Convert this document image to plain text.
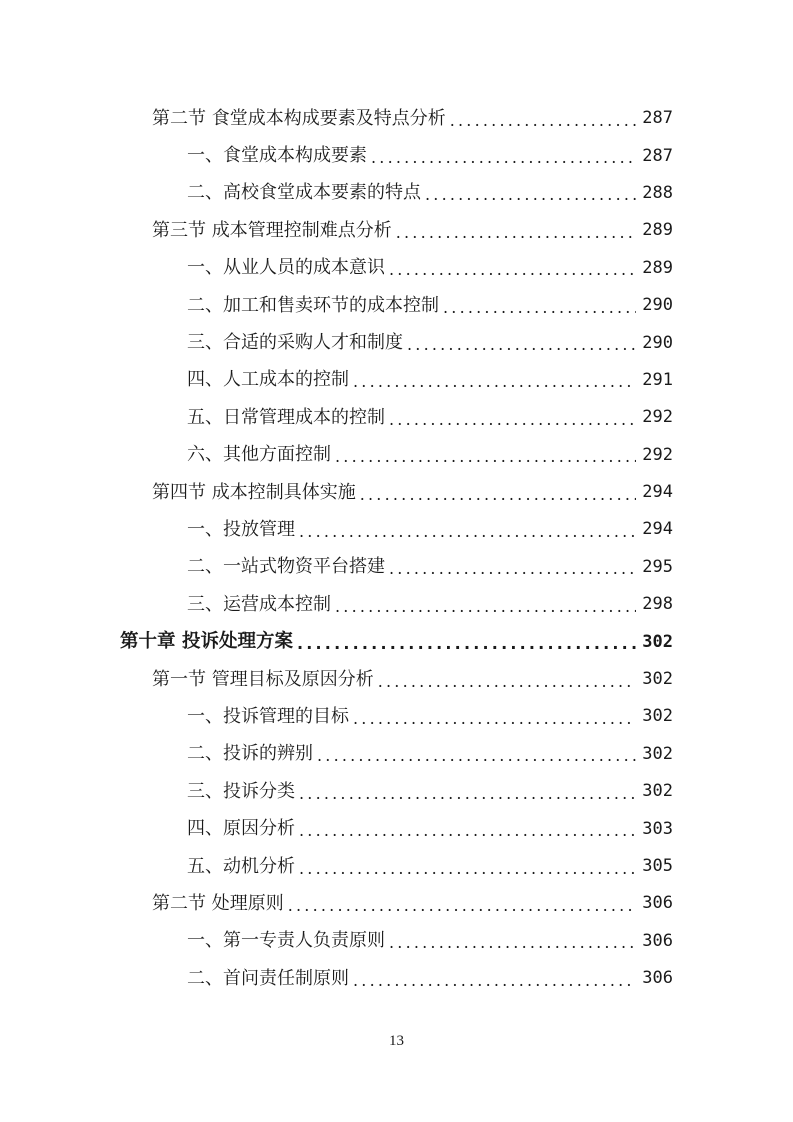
第二节 食堂成本构成要素及特点分析 .....	287
一、食堂成本构成要素 .....	287
二、高校食堂成本要素的特点 .....	288
第三节 成本管理控制难点分析 .....	289
一、从业人员的成本意识 .....	289
二、加工和售卖环节的成本控制 .....	290
三、合适的采购人才和制度 .....	290
四、人工成本的控制 .....	291
五、日常管理成本的控制 .....	292
六、其他方面控制 .....	292
第四节 成本控制具体实施 .....	294
一、投放管理 .....	294
二、一站式物资平台搭建 .....	295
三、运营成本控制 .....	298
第十章 投诉处理方案 .....	302
第一节 管理目标及原因分析 .....	302
一、投诉管理的目标 .....	302
二、投诉的辨别 .....	302
三、投诉分类 .....	302
四、原因分析 .....	303
五、动机分析 .....	305
第二节 处理原则 .....	306
一、第一专责人负责原则 .....	306
二、首问责任制原则 .....	306
13
